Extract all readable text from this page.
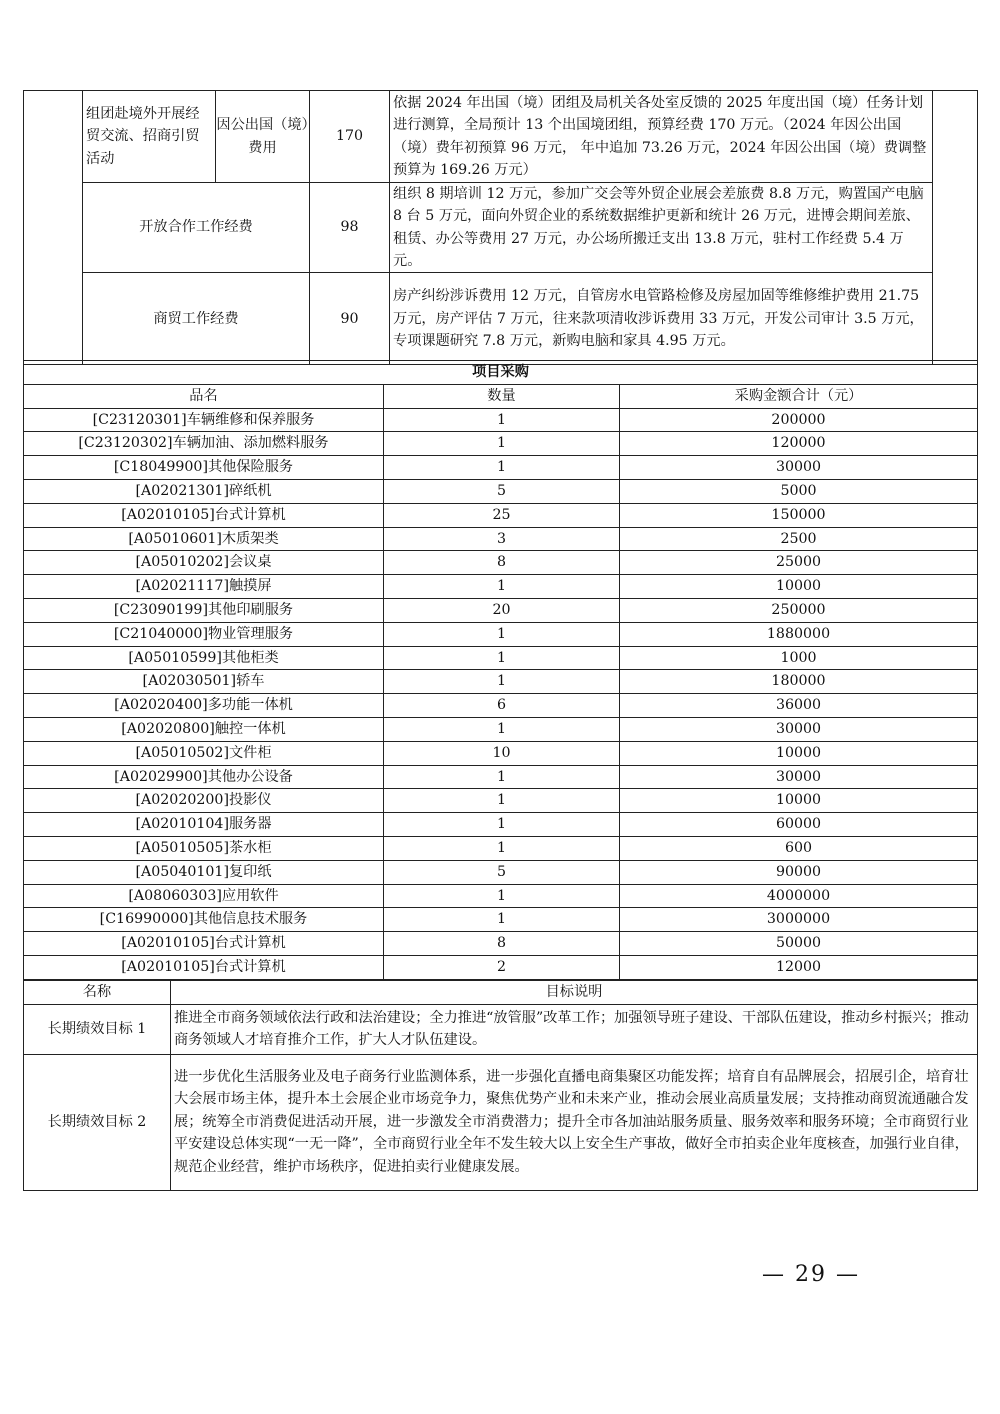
	组团赴境外开展经贸交流、招商引贸活动	因公出国（境）费用	170	依据 2024 年出国（境）团组及局机关各处室反馈的 2025 年度出国（境）任务计划进行测算，全局预计 13 个出国境团组，预算经费 170 万元。（2024 年因公出国（境）费年初预算 96 万元， 年中追加 73.26 万元，2024 年因公出国（境）费调整预算为 169.26 万元）	
	开放合作工作经费		98	组织 8 期培训 12 万元，参加广交会等外贸企业展会差旅费 8.8 万元，购置国产电脑 8 台 5 万元，面向外贸企业的系统数据维护更新和统计 26 万元，进博会期间差旅、租赁、办公等费用 27 万元，办公场所搬迁支出 13.8 万元，驻村工作经费 5.4 万元。	
	商贸工作经费		90	房产纠纷涉诉费用 12 万元，自管房水电管路检修及房屋加固等维修维护费用 21.75 万元，房产评估 7 万元，往来款项清收涉诉费用 33 万元，开发公司审计 3.5 万元，专项课题研究 7.8 万元，新购电脑和家具 4.95 万元。	
项目采购		
品名	数量	采购金额合计（元）
[C23120301]车辆维修和保养服务	1	200000
[C23120302]车辆加油、添加燃料服务	1	120000
[C18049900]其他保险服务	1	30000
[A02021301]碎纸机	5	5000
[A02010105]台式计算机	25	150000
[A05010601]木质架类	3	2500
[A05010202]会议桌	8	25000
[A02021117]触摸屏	1	10000
[C23090199]其他印刷服务	20	250000
[C21040000]物业管理服务	1	1880000
[A05010599]其他柜类	1	1000
[A02030501]轿车	1	180000
[A02020400]多功能一体机	6	36000
[A02020800]触控一体机	1	30000
[A05010502]文件柜	10	10000
[A02029900]其他办公设备	1	30000
[A02020200]投影仪	1	10000
[A02010104]服务器	1	60000
[A05010505]茶水柜	1	600
[A05040101]复印纸	5	90000
[A08060303]应用软件	1	4000000
[C16990000]其他信息技术服务	1	3000000
[A02010105]台式计算机	8	50000
[A02010105]台式计算机	2	12000
名称	目标说明
长期绩效目标 1	推进全市商务领域依法行政和法治建设；全力推进“放管服”改革工作；加强领导班子建设、干部队伍建设，推动乡村振兴；推动商务领域人才培育推介工作，扩大人才队伍建设。
长期绩效目标 2	进一步优化生活服务业及电子商务行业监测体系，进一步强化直播电商集聚区功能发挥；培育自有品牌展会，招展引企，培育壮大会展市场主体，提升本土会展企业市场竞争力，聚焦优势产业和未来产业，推动会展业高质量发展；支持推动商贸流通融合发展；统筹全市消费促进活动开展，进一步激发全市消费潜力；提升全市各加油站服务质量、服务效率和服务环境；全市商贸行业平安建设总体实现“一无一降”，全市商贸行业全年不发生较大以上安全生产事故，做好全市拍卖企业年度核查，加强行业自律，规范企业经营，维护市场秩序，促进拍卖行业健康发展。
— 29 —
